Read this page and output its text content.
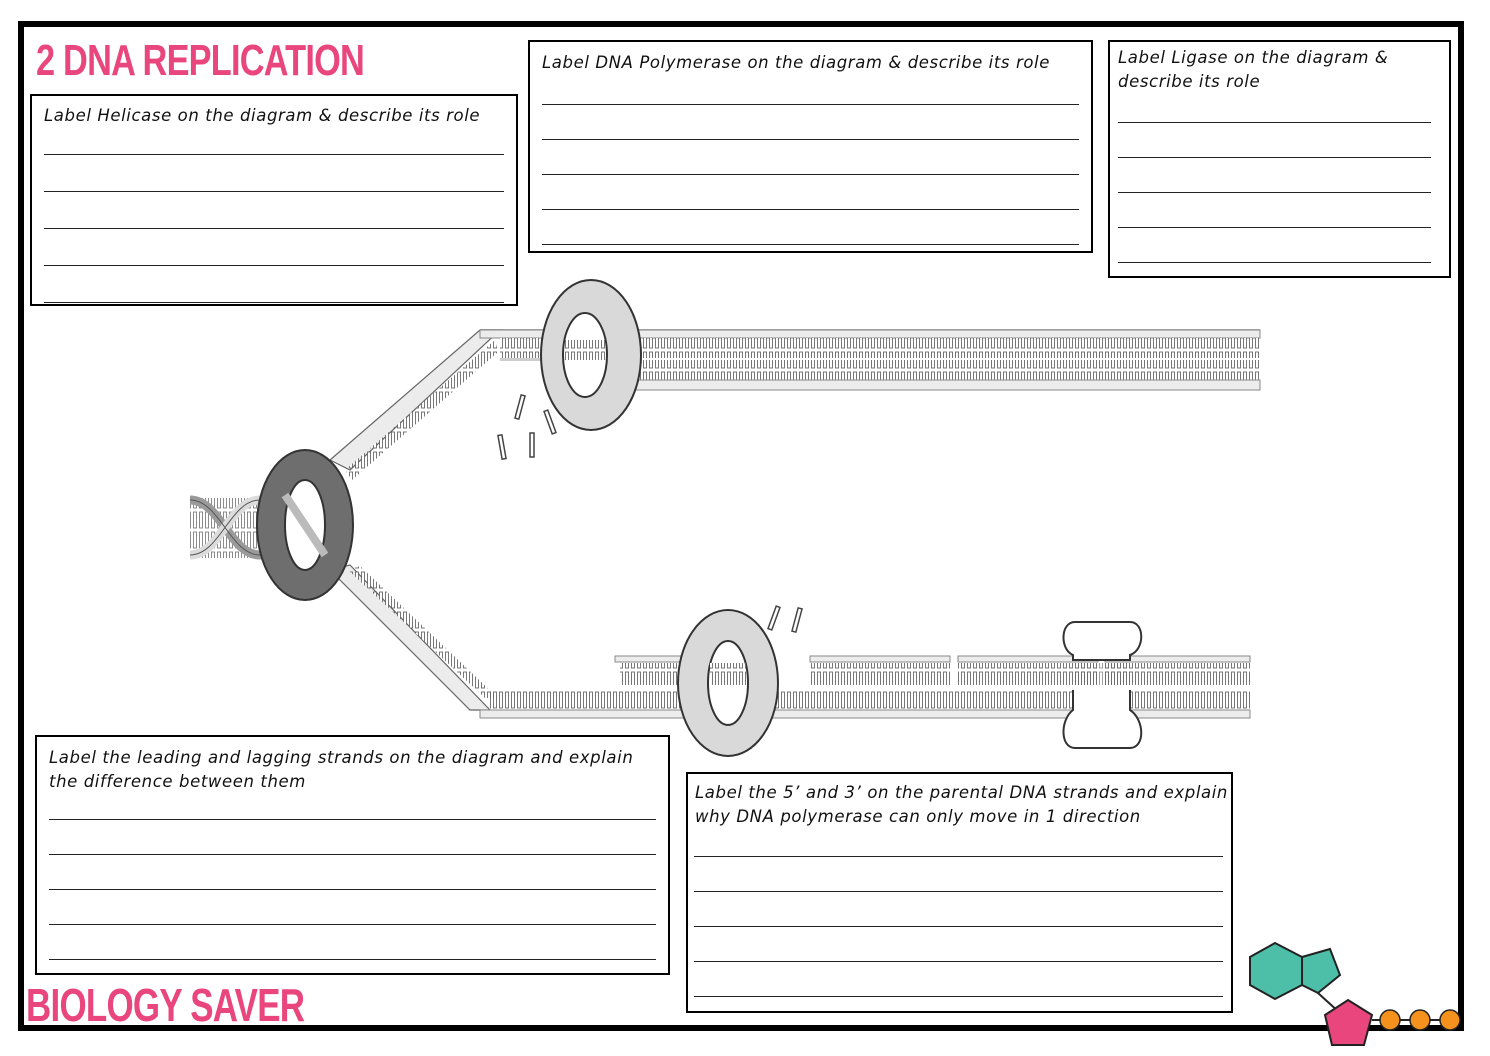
2 DNA REPLICATION

Label Helicase on the diagram & describe its role

Label DNA Polymerase on the diagram & describe its role	Label Ligase on the diagram & describe its role

Label the leading and lagging strands on the diagram and explain the difference between them

Label the 5’ and 3’ on the parental DNA strands and explain why DNA polymerase can only move in 1 direction

BIOLOGY SAVER
